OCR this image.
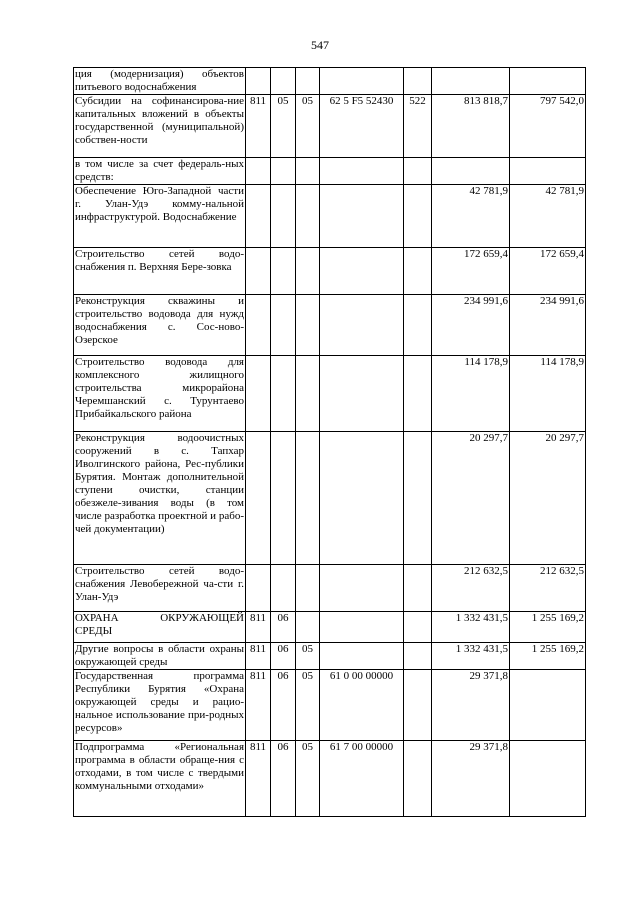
547
ция (модернизация) объектов питьевого водоснабжения							
Субсидии на софинансирова-ние капитальных вложений в объекты государственной (муниципальной) собствен-ности	811	05	05	62 5 F5 52430	522	813 818,7	797 542,0
в том числе за счет федераль-ных средств:							
Обеспечение Юго-Западной части г. Улан-Удэ комму-нальной инфраструктурой. Водоснабжение						42 781,9	42 781,9
Строительство сетей водо-снабжения п. Верхняя Бере-зовка						172 659,4	172 659,4
Реконструкция скважины и строительство водовода для нужд водоснабжения с. Сос-ново-Озерское						234 991,6	234 991,6
Строительство водовода для комплексного жилищного строительства микрорайона Черемшанский с. Турунтаево Прибайкальского района						114 178,9	114 178,9
Реконструкция водоочистных сооружений в с. Тапхар Иволгинского района, Рес-публики Бурятия. Монтаж дополнительной ступени очистки, станции обезжеле-зивания воды (в том числе разработка проектной и рабо-чей документации)						20 297,7	20 297,7
Строительство сетей водо-снабжения Левобережной ча-сти г. Улан-Удэ						212 632,5	212 632,5
ОХРАНА ОКРУЖАЮЩЕЙ СРЕДЫ	811	06				1 332 431,5	1 255 169,2
Другие вопросы в области охраны окружающей среды	811	06	05			1 332 431,5	1 255 169,2
Государственная программа Республики Бурятия «Охрана окружающей среды и рацио-нальное использование при-родных ресурсов»	811	06	05	61 0 00 00000		29 371,8	
Подпрограмма «Региональная программа в области обраще-ния с отходами, в том числе с твердыми коммунальными отходами»	811	06	05	61 7 00 00000		29 371,8	
